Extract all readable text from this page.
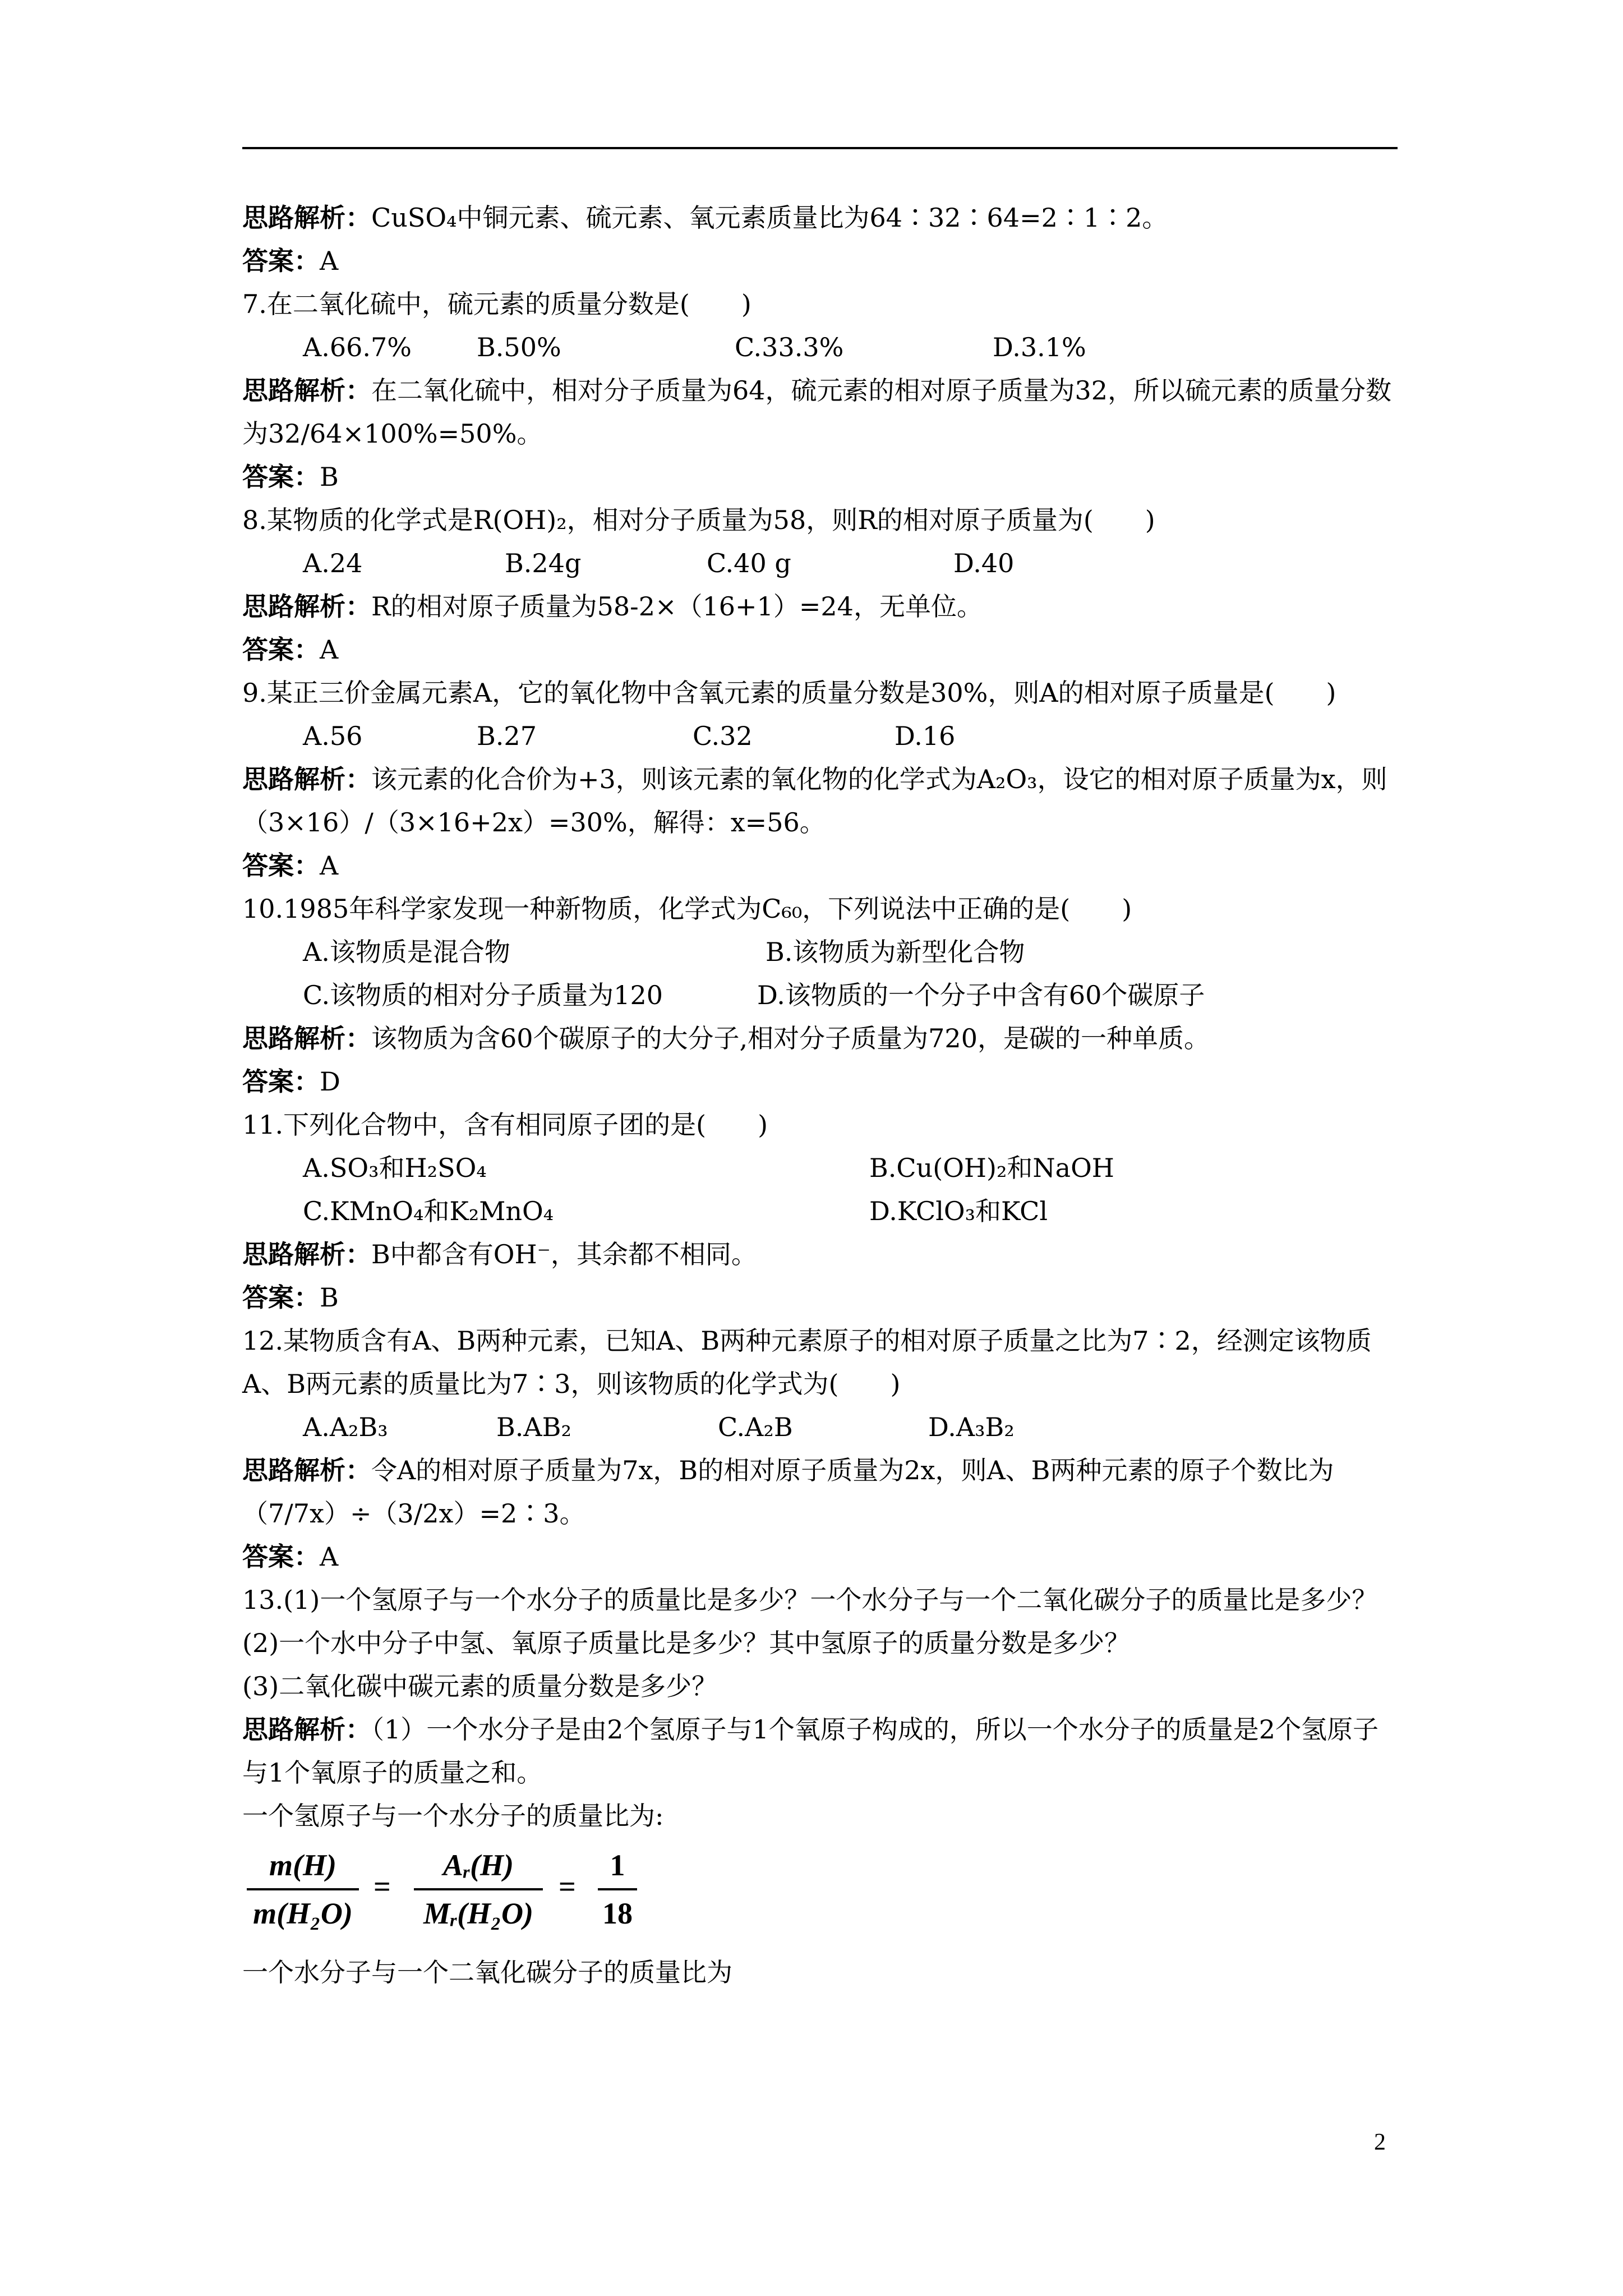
思路解析：CuSO₄中铜元素、硫元素、氧元素质量比为64∶32∶64=2∶1∶2。
答案：A
7.在二氧化硫中，硫元素的质量分数是(　　)
A.66.7%	B.50%	C.33.3%	D.3.1%
思路解析：在二氧化硫中，相对分子质量为64，硫元素的相对原子质量为32，所以硫元素的质量分数为32/64×100%=50%。
答案：B
8.某物质的化学式是R(OH)₂，相对分子质量为58，则R的相对原子质量为(　　)
A.24	B.24g	C.40 g	D.40
思路解析：R的相对原子质量为58-2×（16+1）=24，无单位。
答案：A
9.某正三价金属元素A，它的氧化物中含氧元素的质量分数是30%，则A的相对原子质量是(　　)
A.56	B.27	C.32	D.16
思路解析：该元素的化合价为+3，则该元素的氧化物的化学式为A₂O₃，设它的相对原子质量为x，则（3×16）/（3×16+2x）=30%，解得：x=56。
答案：A
10.1985年科学家发现一种新物质，化学式为C₆₀，下列说法中正确的是(　　)
A.该物质是混合物	B.该物质为新型化合物
C.该物质的相对分子质量为120	D.该物质的一个分子中含有60个碳原子
思路解析：该物质为含60个碳原子的大分子,相对分子质量为720，是碳的一种单质。
答案：D
11.下列化合物中，含有相同原子团的是(　　)
A.SO₃和H₂SO₄	B.Cu(OH)₂和NaOH
C.KMnO₄和K₂MnO₄	D.KClO₃和KCl
思路解析：B中都含有OH⁻，其余都不相同。
答案：B
12.某物质含有A、B两种元素，已知A、B两种元素原子的相对原子质量之比为7∶2，经测定该物质A、B两元素的质量比为7∶3，则该物质的化学式为(　　)
A.A₂B₃	B.AB₂	C.A₂B	D.A₃B₂
思路解析：令A的相对原子质量为7x，B的相对原子质量为2x，则A、B两种元素的原子个数比为（7/7x）÷（3/2x）=2∶3。
答案：A
13.(1)一个氢原子与一个水分子的质量比是多少？一个水分子与一个二氧化碳分子的质量比是多少？
(2)一个水中分子中氢、氧原子质量比是多少？其中氢原子的质量分数是多少？
(3)二氧化碳中碳元素的质量分数是多少？
思路解析：（1）一个水分子是由2个氢原子与1个氧原子构成的，所以一个水分子的质量是2个氢原子与1个氧原子的质量之和。
一个氢原子与一个水分子的质量比为:
m(H)
m(H₂O)
=
Aᵣ(H)
Mᵣ(H₂O)
=
1
18
一个水分子与一个二氧化碳分子的质量比为
2
